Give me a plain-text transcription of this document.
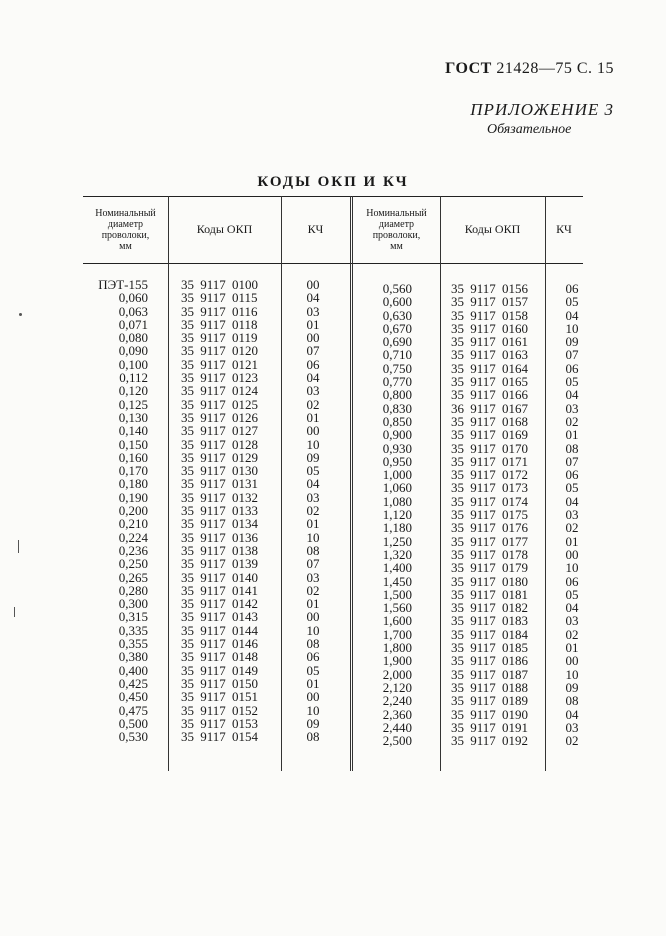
ГОСТ 21428—75 С. 15
ПРИЛОЖЕНИЕ 3
Обязательное
КОДЫ ОКП И КЧ
Номинальный
диаметр
проволоки,
мм
Коды ОКП	КЧ
Номинальный
диаметр
проволоки,
мм
Коды ОКП	КЧ
ПЭТ-155
0,060
0,063
0,071
0,080
0,090
0,100
0,112
0,120
0,125
0,130
0,140
0,150
0,160
0,170
0,180
0,190
0,200
0,210
0,224
0,236
0,250
0,265
0,280
0,300
0,315
0,335
0,355
0,380
0,400
0,425
0,450
0,475
0,500
0,530
35 9117 0100
35 9117 0115
35 9117 0116
35 9117 0118
35 9117 0119
35 9117 0120
35 9117 0121
35 9117 0123
35 9117 0124
35 9117 0125
35 9117 0126
35 9117 0127
35 9117 0128
35 9117 0129
35 9117 0130
35 9117 0131
35 9117 0132
35 9117 0133
35 9117 0134
35 9117 0136
35 9117 0138
35 9117 0139
35 9117 0140
35 9117 0141
35 9117 0142
35 9117 0143
35 9117 0144
35 9117 0146
35 9117 0148
35 9117 0149
35 9117 0150
35 9117 0151
35 9117 0152
35 9117 0153
35 9117 0154
00
04
03
01
00
07
06
04
03
02
01
00
10
09
05
04
03
02
01
10
08
07
03
02
01
00
10
08
06
05
01
00
10
09
08
0,560
0,600
0,630
0,670
0,690
0,710
0,750
0,770
0,800
0,830
0,850
0,900
0,930
0,950
1,000
1,060
1,080
1,120
1,180
1,250
1,320
1,400
1,450
1,500
1,560
1,600
1,700
1,800
1,900
2,000
2,120
2,240
2,360
2,440
2,500
35 9117 0156
35 9117 0157
35 9117 0158
35 9117 0160
35 9117 0161
35 9117 0163
35 9117 0164
35 9117 0165
35 9117 0166
36 9117 0167
35 9117 0168
35 9117 0169
35 9117 0170
35 9117 0171
35 9117 0172
35 9117 0173
35 9117 0174
35 9117 0175
35 9117 0176
35 9117 0177
35 9117 0178
35 9117 0179
35 9117 0180
35 9117 0181
35 9117 0182
35 9117 0183
35 9117 0184
35 9117 0185
35 9117 0186
35 9117 0187
35 9117 0188
35 9117 0189
35 9117 0190
35 9117 0191
35 9117 0192
06
05
04
10
09
07
06
05
04
03
02
01
08
07
06
05
04
03
02
01
00
10
06
05
04
03
02
01
00
10
09
08
04
03
02
